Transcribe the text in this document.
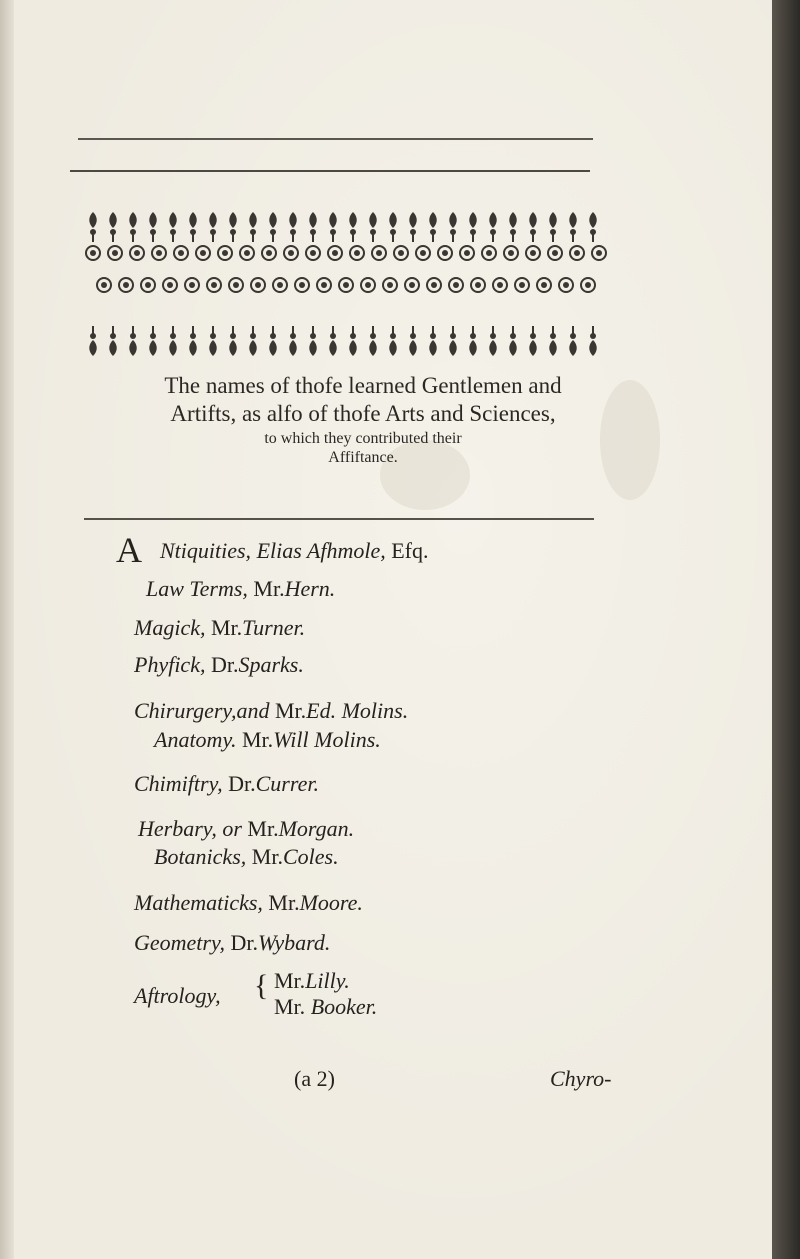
The names of thofe learned Gentlemen and
Artifts, as alfo of thofe Arts and Sciences,
to which they contributed their
Affiftance.
A Ntiquities, Elias Afhmole, Efq.
Law Terms, Mr.Hern.
Magick, Mr.Turner.
Phyfick, Dr.Sparks.
Chirurgery,and Mr.Ed. Molins.
Anatomy. Mr.Will Molins.
Chimiftry, Dr.Currer.
Herbary, or Mr.Morgan.
Botanicks, Mr.Coles.
Mathematicks, Mr.Moore.
Geometry, Dr.Wybard.
Aftrology, { Mr.Lilly.
Mr. Booker.
(a 2)	Chyro-
